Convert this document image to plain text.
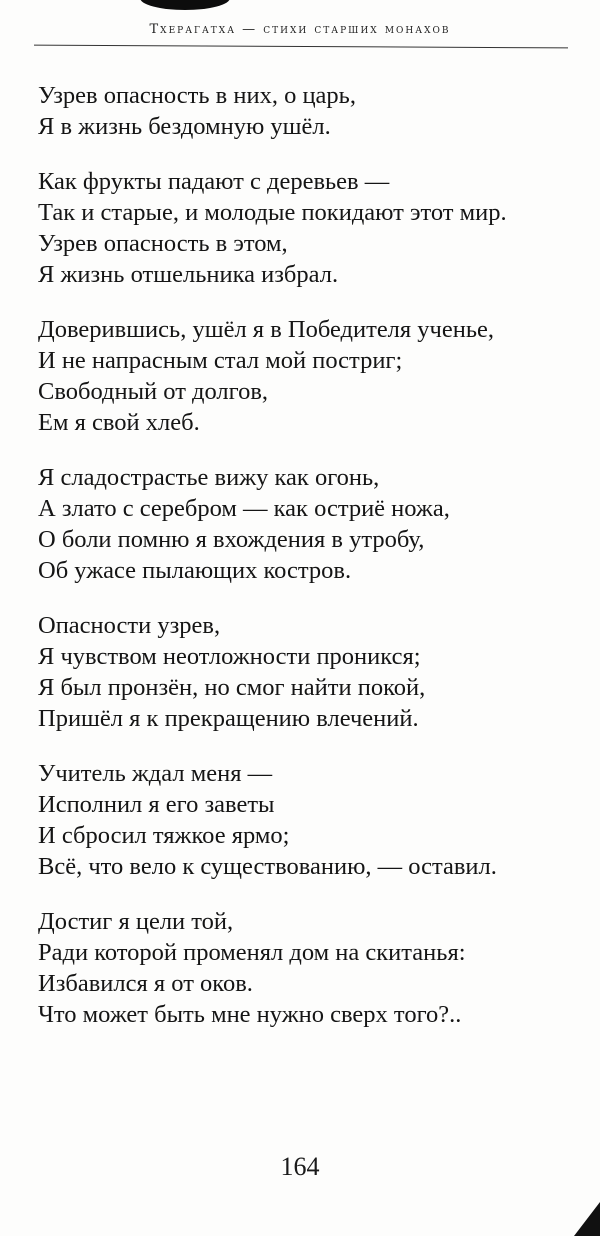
Тхерагатха — стихи старших монахов
Узрев опасность в них, о царь,
Я в жизнь бездомную ушёл.
Как фрукты падают с деревьев —
Так и старые, и молодые покидают этот мир.
Узрев опасность в этом,
Я жизнь отшельника избрал.
Доверившись, ушёл я в Победителя ученье,
И не напрасным стал мой постриг;
Свободный от долгов,
Ем я свой хлеб.
Я сладострастье вижу как огонь,
А злато с серебром — как остриё ножа,
О боли помню я вхождения в утробу,
Об ужасе пылающих костров.
Опасности узрев,
Я чувством неотложности проникся;
Я был пронзён, но смог найти покой,
Пришёл я к прекращению влечений.
Учитель ждал меня —
Исполнил я его заветы
И сбросил тяжкое ярмо;
Всё, что вело к существованию, — оставил.
Достиг я цели той,
Ради которой променял дом на скитанья:
Избавился я от оков.
Что может быть мне нужно сверх того?..
164
